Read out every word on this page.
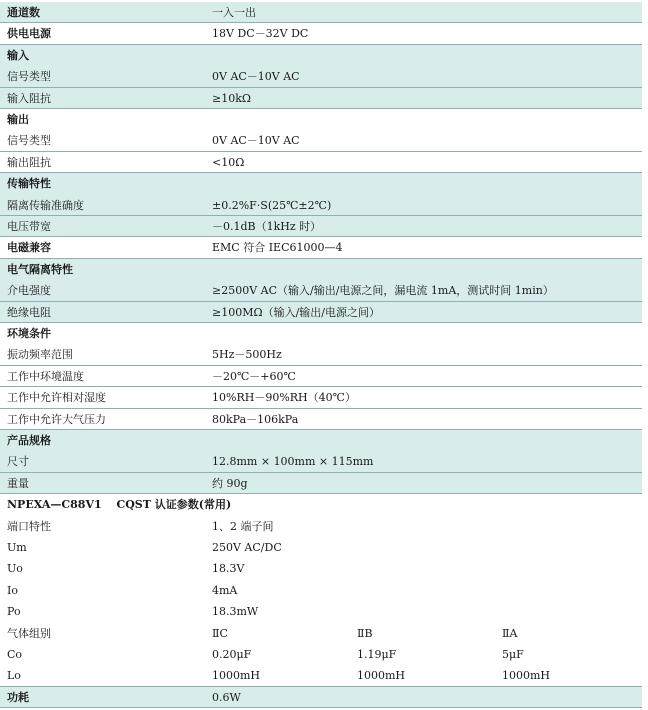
通道数	一入一出
供电电源	18V DC－32V DC
输入
信号类型	0V AC－10V AC
输入阻抗	≥10kΩ
输出
信号类型	0V AC－10V AC
输出阻抗	<10Ω
传输特性
隔离传输准确度	±0.2%F·S(25℃±2℃)
电压带宽	－0.1dB（1kHz 时）
电磁兼容	EMC 符合 IEC61000—4
电气隔离特性
介电强度	≥2500V AC（输入/输出/电源之间，漏电流 1mA，测试时间 1min）
绝缘电阻	≥100MΩ（输入/输出/电源之间）
环境条件
振动频率范围	5Hz－500Hz
工作中环境温度	－20℃－+60℃
工作中允许相对湿度	10%RH－90%RH（40℃）
工作中允许大气压力	80kPa－106kPa
产品规格
尺寸	12.8mm × 100mm × 115mm
重量	约 90g
NPEXA—C88V1　 CQST 认证参数(常用)
端口特性	1、2 端子间
Um	250V AC/DC
Uo	18.3V
Io	4mA
Po	18.3mW
气体组别	ⅡC	ⅡB	ⅡA
Co	0.20μF	1.19μF	5μF
Lo	1000mH	1000mH	1000mH
功耗	0.6W
